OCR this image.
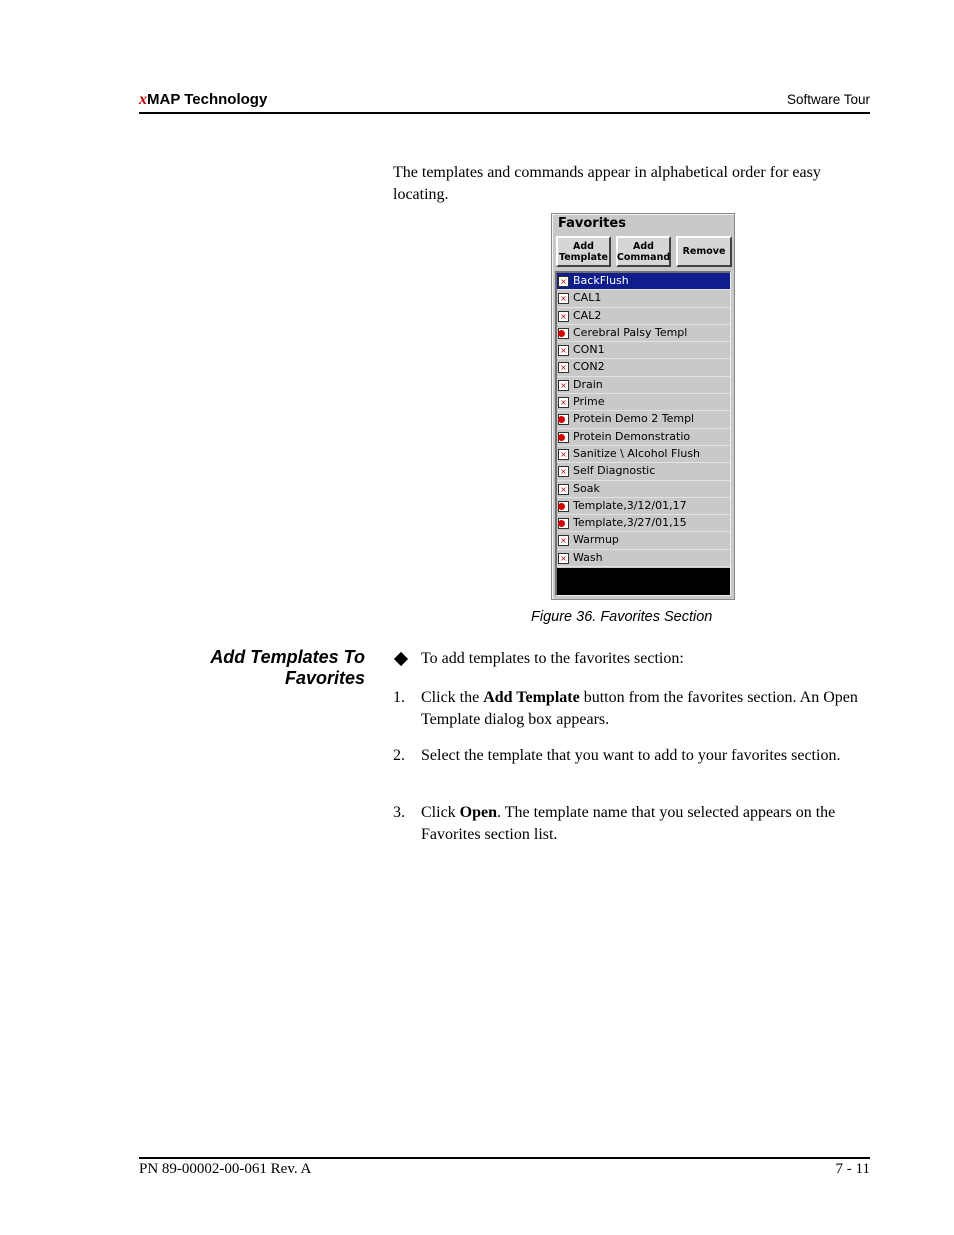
xMAP Technology	Software Tour
The templates and commands appear in alphabetical order for easy locating.
Favorites
Add
Template
Add
Command	Remove
× BackFlush
× CAL1
× CAL2
Cerebral Palsy Templ
× CON1
× CON2
× Drain
× Prime
Protein Demo 2 Templ
Protein Demonstratio
× Sanitize \ Alcohol Flush
× Self Diagnostic
× Soak
Template,3/12/01,17
Template,3/27/01,15
× Warmup
× Wash
Figure 36. Favorites Section
Add Templates To
Favorites
To add templates to the favorites section:
1. Click the Add Template button from the favorites section. An Open Template dialog box appears.
2. Select the template that you want to add to your favorites section.
3. Click Open. The template name that you selected appears on the Favorites section list.
PN 89-00002-00-061 Rev. A	7 - 11
